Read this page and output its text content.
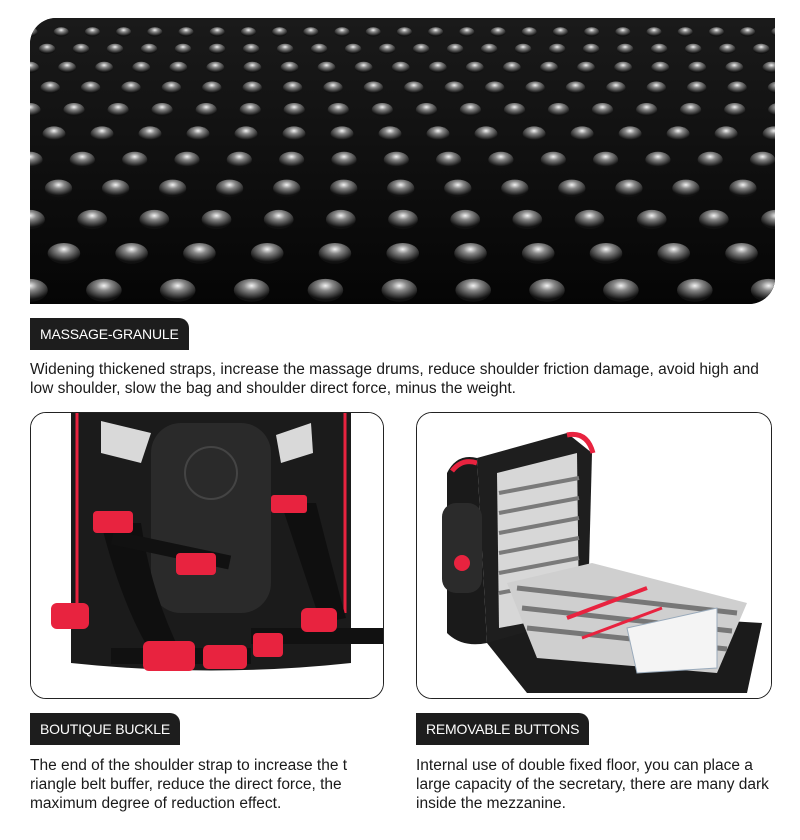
MASSAGE-GRANULE
Widening thickened straps, increase the massage drums, reduce shoulder friction damage, avoid high and low shoulder, slow the bag and shoulder direct force, minus the weight.
BOUTIQUE BUCKLE
The end of the shoulder strap to increase the t riangle belt buffer, reduce the direct force, the maximum degree of reduction effect.
REMOVABLE BUTTONS
Internal use of double fixed floor, you can place a large capacity of the secretary, there are many dark inside the mezzanine.
